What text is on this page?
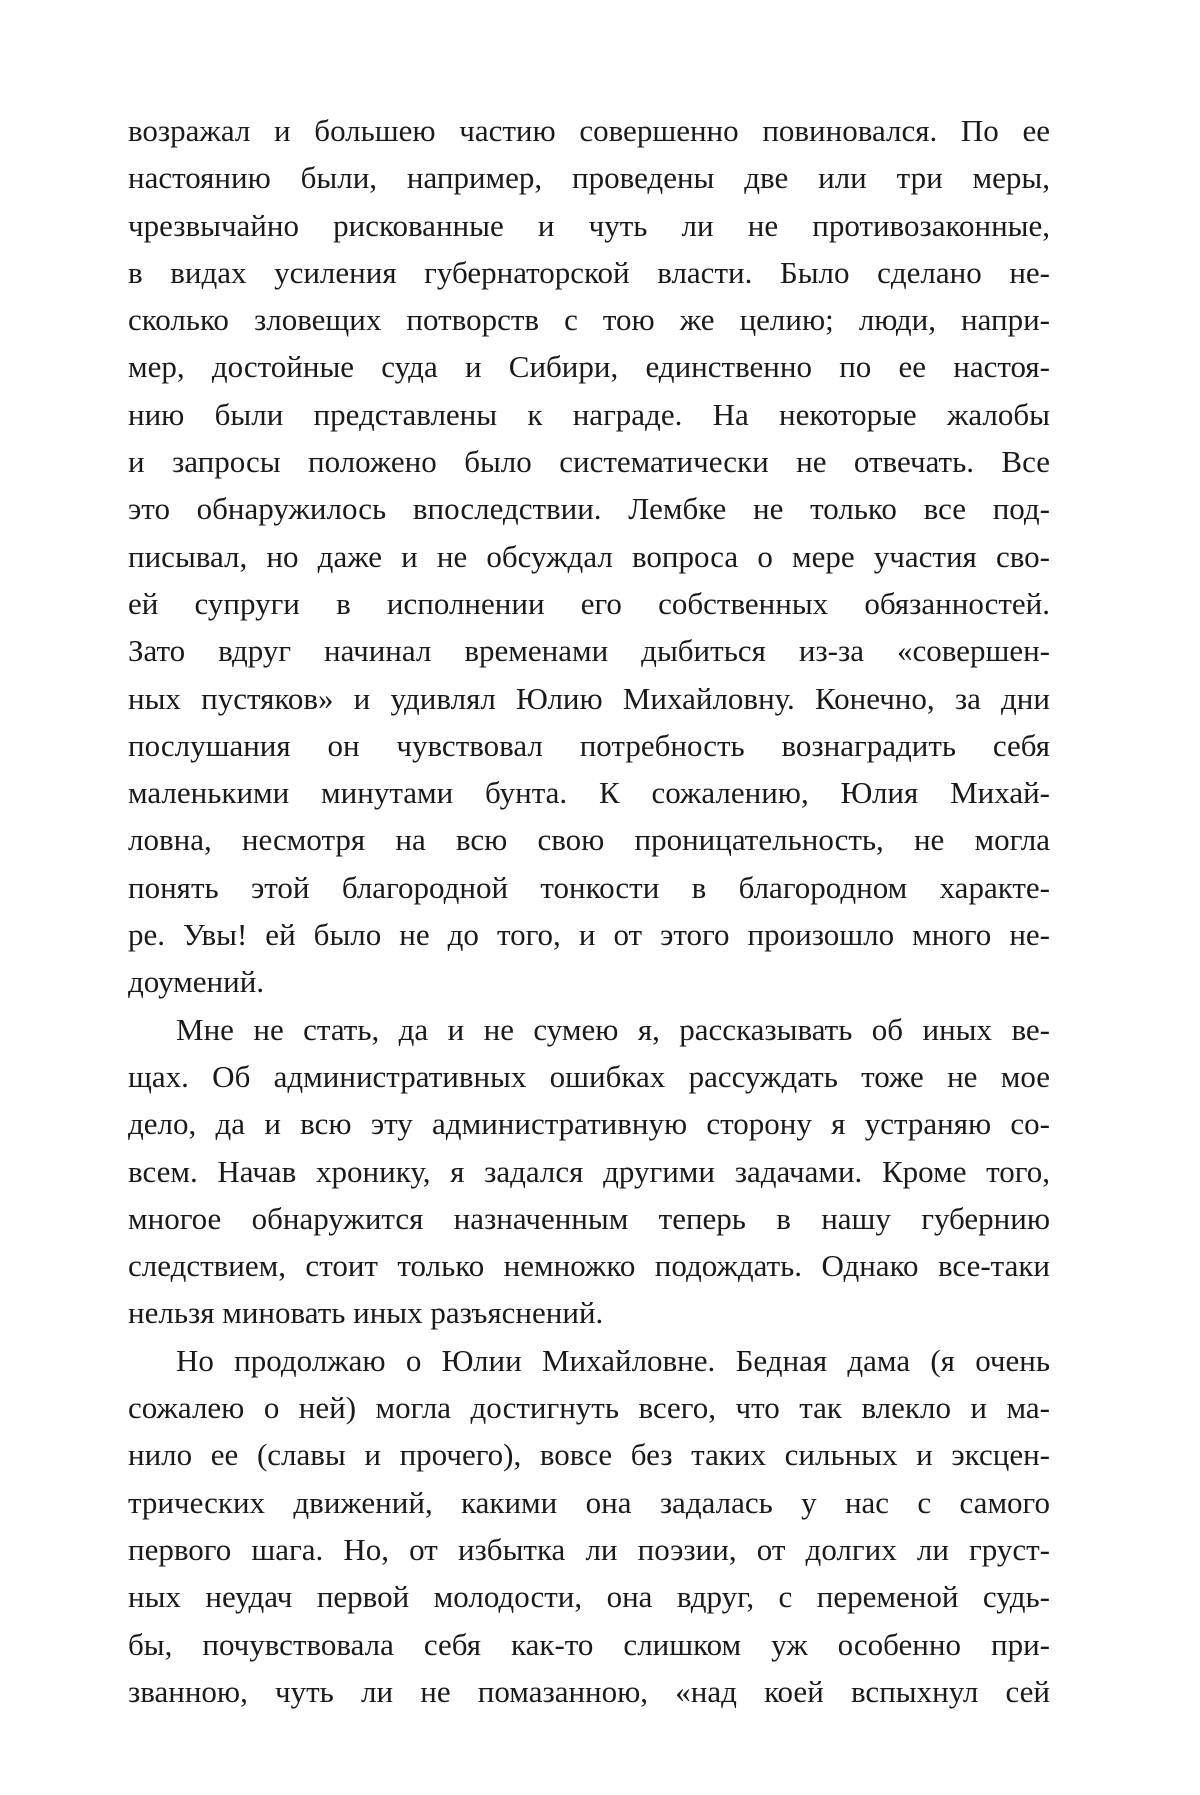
возражал и большею частию совершенно повиновался. По ее
настоянию были, например, проведены две или три меры,
чрезвычайно рискованные и чуть ли не противозаконные,
в видах усиления губернаторской власти. Было сделано не-
сколько зловещих потворств с тою же целию; люди, напри-
мер, достойные суда и Сибири, единственно по ее настоя-
нию были представлены к награде. На некоторые жалобы
и запросы положено было систематически не отвечать. Все
это обнаружилось впоследствии. Лембке не только все под-
писывал, но даже и не обсуждал вопроса о мере участия сво-
ей супруги в исполнении его собственных обязанностей.
Зато вдруг начинал временами дыбиться из-за «совершен-
ных пустяков» и удивлял Юлию Михайловну. Конечно, за дни
послушания он чувствовал потребность вознаградить себя
маленькими минутами бунта. К сожалению, Юлия Михай-
ловна, несмотря на всю свою проницательность, не могла
понять этой благородной тонкости в благородном характе-
ре. Увы! ей было не до того, и от этого произошло много не-
доумений.
Мне не стать, да и не сумею я, рассказывать об иных ве-
щах. Об административных ошибках рассуждать тоже не мое
дело, да и всю эту административную сторону я устраняю со-
всем. Начав хронику, я задался другими задачами. Кроме того,
многое обнаружится назначенным теперь в нашу губернию
следствием, стоит только немножко подождать. Однако все-таки
нельзя миновать иных разъяснений.
Но продолжаю о Юлии Михайловне. Бедная дама (я очень
сожалею о ней) могла достигнуть всего, что так влекло и ма-
нило ее (славы и прочего), вовсе без таких сильных и эксцен-
трических движений, какими она задалась у нас с самого
первого шага. Но, от избытка ли поэзии, от долгих ли груст-
ных неудач первой молодости, она вдруг, с переменой судь-
бы, почувствовала себя как-то слишком уж особенно при-
званною, чуть ли не помазанною, «над коей вспыхнул сей
